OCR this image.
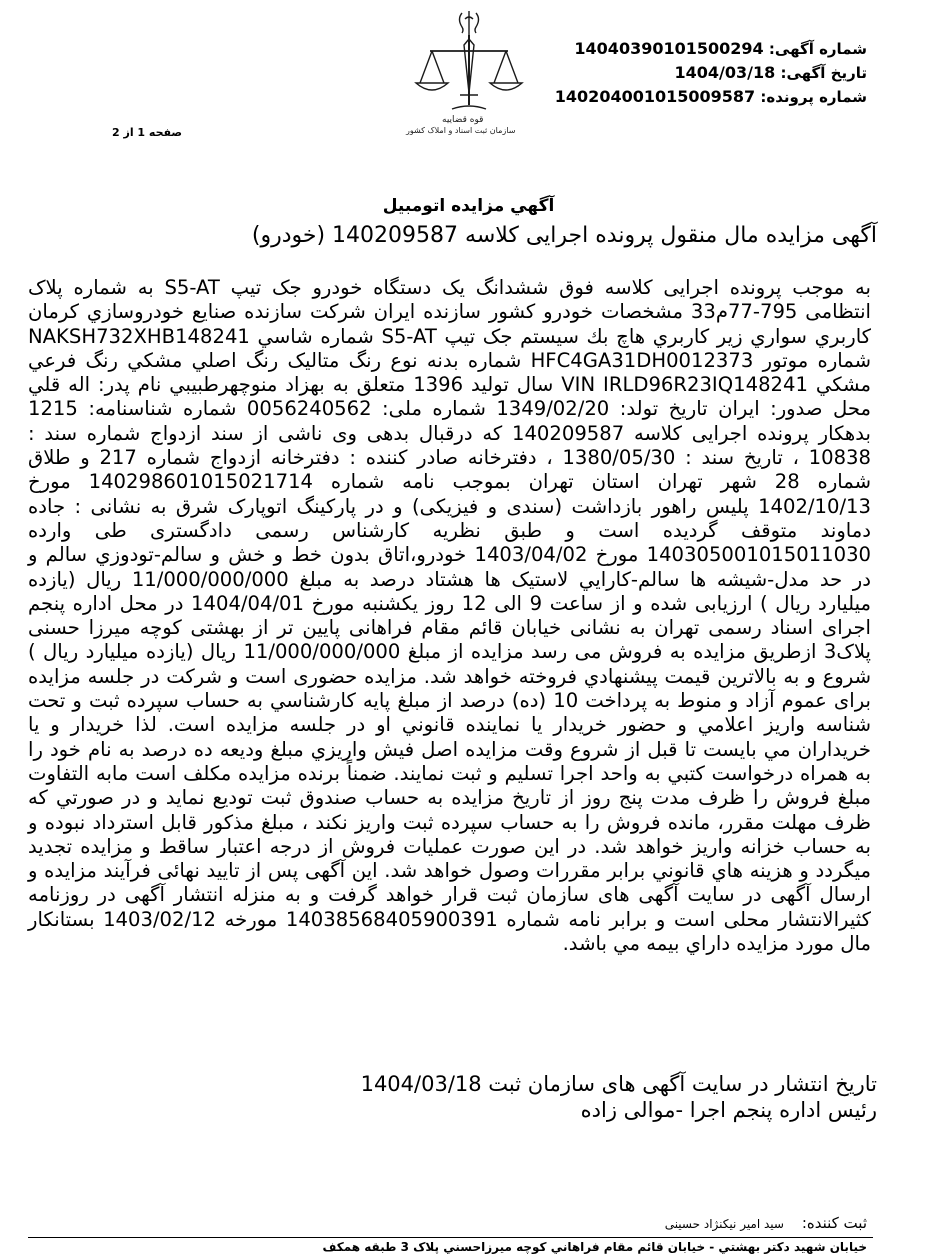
شماره آگهی: 14040390101500294
تاریخ آگهی: 1404/03/18
شماره پرونده: 140204001015009587
صفحه 1 از 2
قوه قضاییه
سازمان ثبت اسناد و املاک کشور
آگهي مزايده اتومبيل
آگهی مزایده مال منقول پرونده اجرایی کلاسه 140209587 (خودرو)
به موجب پرونده اجرایی کلاسه فوق ششدانگ یک دستگاه خودرو جک تیپ S5-AT به شماره پلاک انتظامی 795-77م33 مشخصات خودرو کشور سازنده ایران شرکت سازنده صنایع خودروسازي کرمان کاربري سواري زير کاربري هاچ بك سيستم جک تیپ S5-AT شماره شاسي NAKSH732XHB148241 شماره موتور HFC4GA31DH0012373 شماره بدنه نوع رنگ متالیک رنگ اصلي مشکي رنگ فرعي مشکي VIN IRLD96R23IQ148241 سال توليد 1396 متعلق به بهزاد منوچهرطبیبي نام پدر: اله قلي محل صدور: ایران تاریخ تولد: 1349/02/20 شماره ملی: 0056240562 شماره شناسنامه: 1215 بدهکار پرونده اجرایی کلاسه 140209587 که درقبال بدهی وی ناشی از سند ازدواج شماره سند : 10838 ، تاریخ سند : 1380/05/30 ، دفترخانه صادر کننده : دفترخانه ازدواج شماره 217 و طلاق شماره 28 شهر تهران استان تهران بموجب نامه شماره 140298601015021714 مورخ 1402/10/13 پلیس راهور بازداشت (سندی و فیزیکی) و در پارکینگ اتوپارک شرق به نشانی : جاده دماوند متوقف گرديده است و طبق نظريه کارشناس رسمی دادگستری طی وارده 140305001015011030 مورخ 1403/04/02 خودرو،اتاق بدون خط و خش و سالم-تودوزي سالم و در حد مدل-شیشه ها سالم-کارایي لاستیک ها هشتاد درصد به مبلغ 11/000/000/000 ریال (یازده میلیارد ریال ) ارزیابی شده و از ساعت 9 الی 12 روز یکشنبه مورخ 1404/04/01 در محل اداره پنجم اجرای اسناد رسمی تهران به نشانی خیابان قائم مقام فراهانی پایین تر از بهشتی کوچه میرزا حسنی پلاک3 ازطریق مزایده به فروش می رسد مزایده از مبلغ 11/000/000/000 ریال (یازده میلیارد ریال ) شروع و به بالاترین قیمت پیشنهادي فروخته خواهد شد. مزایده حضوری است و شرکت در جلسه مزايده برای عموم آزاد و منوط به پرداخت 10 (ده) درصد از مبلغ پايه كارشناسي به حساب سپرده ثبت و تحت شناسه واريز اعلامي و حضور خريدار يا نماينده قانوني او در جلسه مزايده است. لذا خريدار و يا خريداران مي بايست تا قبل از شروع وقت مزايده اصل فيش واريزي مبلغ وديعه ده درصد به نام خود را به همراه درخواست كتبي به واحد اجرا تسليم و ثبت نمايند. ضمناً برنده مزایده مکلف است مابه التفاوت مبلغ فروش را ظرف مدت پنج روز از تاريخ مزايده به حساب صندوق ثبت توديع نمايد و در صورتي كه ظرف مهلت مقرر، مانده فروش را به حساب سپرده ثبت واريز نكند ، مبلغ مذكور قابل استرداد نبوده و به حساب خزانه واريز خواهد شد. در اين صورت عمليات فروش از درجه اعتبار ساقط و مزايده تجديد ميگردد و هزينه هاي قانوني برابر مقررات وصول خواهد شد. این آگهی پس از تایید نهائی فرآیند مزایده و ارسال آگهی در سایت آگهی های سازمان ثبت قرار خواهد گرفت و به منزله انتشار آگهی در روزنامه کثیرالانتشار محلی است و برابر نامه شماره 14038568405900391 مورخه 1403/02/12 بستانكار مال مورد مزايده داراي بيمه مي باشد.
تاریخ انتشار در سایت آگهی های سازمان ثبت 1404/03/18
رئیس اداره پنجم اجرا -موالی زاده
ثبت کننده: سید امیر نیکنژاد حسینی
خيابان شهيد دكتر بهشتي - خيابان قائم مقام فراهاني كوچه ميرزاحسني پلاک 3 طبقه همكف
